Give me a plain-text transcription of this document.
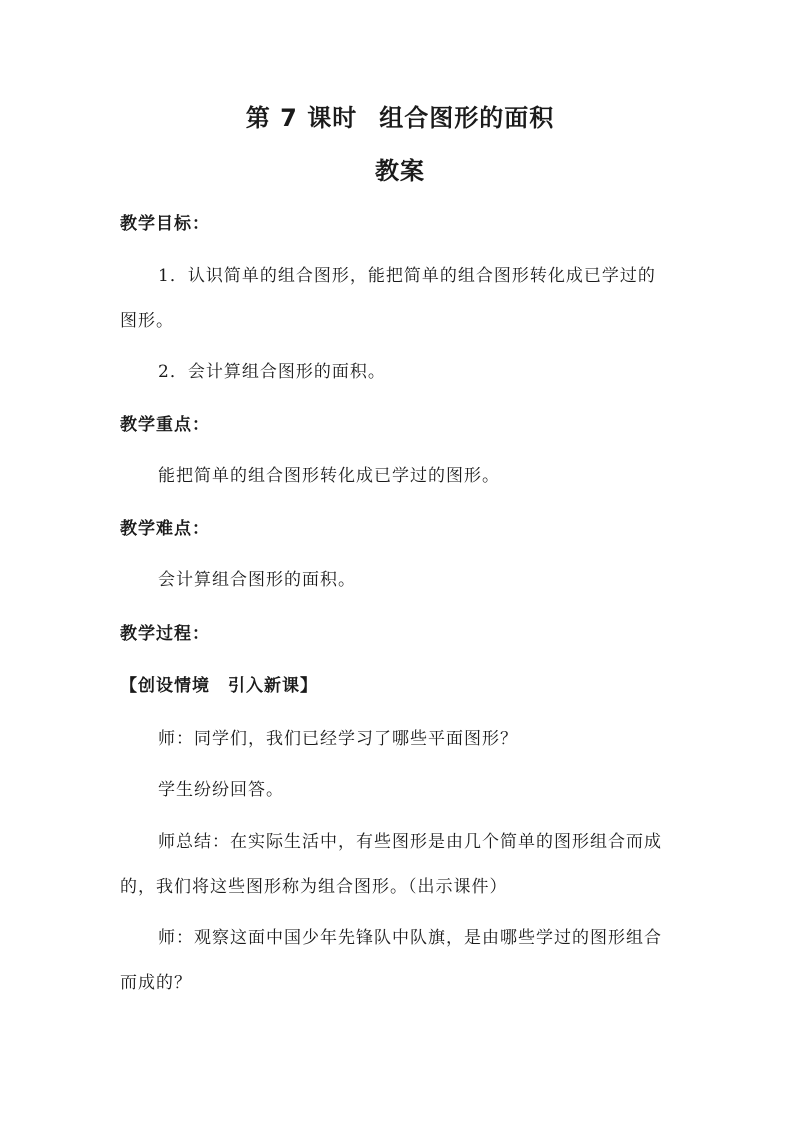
第 7 课时 组合图形的面积
教案
教学目标：
1．认识简单的组合图形，能把简单的组合图形转化成已学过的
图形。
2．会计算组合图形的面积。
教学重点：
能把简单的组合图形转化成已学过的图形。
教学难点：
会计算组合图形的面积。
教学过程：
【创设情境　引入新课】
师：同学们，我们已经学习了哪些平面图形？
学生纷纷回答。
师总结：在实际生活中，有些图形是由几个简单的图形组合而成
的，我们将这些图形称为组合图形。（出示课件）
师：观察这面中国少年先锋队中队旗，是由哪些学过的图形组合
而成的？
